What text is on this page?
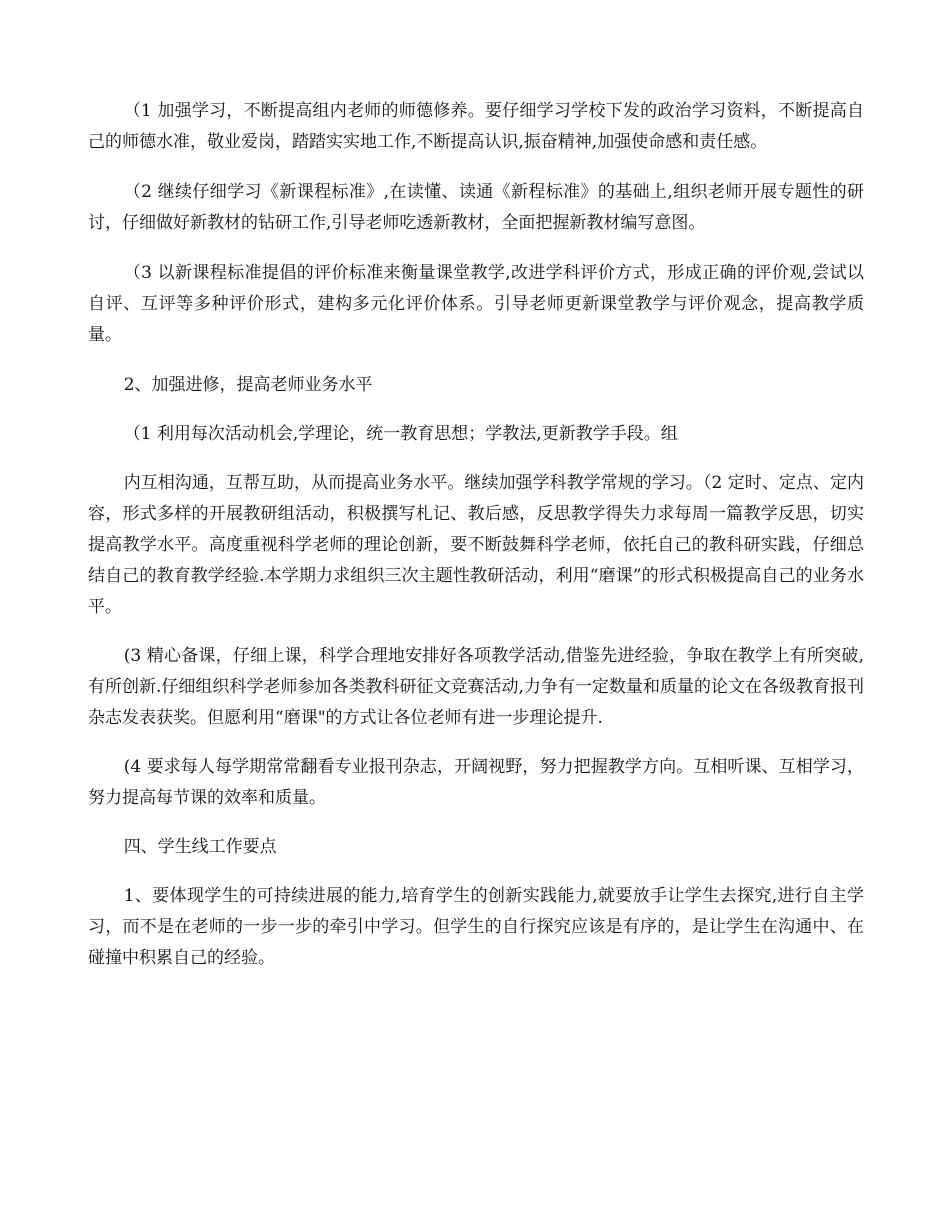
（1 加强学习，不断提高组内老师的师德修养。要仔细学习学校下发的政治学习资料，不断提高自己的师德水准，敬业爱岗，踏踏实实地工作,不断提高认识,振奋精神,加强使命感和责任感。

（2 继续仔细学习《新课程标准》,在读懂、读通《新程标准》的基础上,组织老师开展专题性的研讨，仔细做好新教材的钻研工作,引导老师吃透新教材，全面把握新教材编写意图。

（3 以新课程标准提倡的评价标准来衡量课堂教学,改进学科评价方式，形成正确的评价观,尝试以自评、互评等多种评价形式，建构多元化评价体系。引导老师更新课堂教学与评价观念，提高教学质量。

2、加强进修，提高老师业务水平

（1 利用每次活动机会,学理论，统一教育思想；学教法,更新教学手段。组

内互相沟通，互帮互助，从而提高业务水平。继续加强学科教学常规的学习。（2 定时、定点、定内容，形式多样的开展教研组活动，积极撰写札记、教后感，反思教学得失力求每周一篇教学反思，切实提高教学水平。高度重视科学老师的理论创新，要不断鼓舞科学老师，依托自己的教科研实践，仔细总结自己的教育教学经验.本学期力求组织三次主题性教研活动，利用“磨课”的形式积极提高自己的业务水平。

(3 精心备课，仔细上课，科学合理地安排好各项教学活动,借鉴先进经验，争取在教学上有所突破,有所创新.仔细组织科学老师参加各类教科研征文竞赛活动,力争有一定数量和质量的论文在各级教育报刊杂志发表获奖。但愿利用“磨课"的方式让各位老师有进一步理论提升.

(4 要求每人每学期常常翻看专业报刊杂志，开阔视野，努力把握教学方向。互相听课、互相学习，努力提高每节课的效率和质量。

四、学生线工作要点

1、要体现学生的可持续进展的能力,培育学生的创新实践能力,就要放手让学生去探究,进行自主学习，而不是在老师的一步一步的牵引中学习。但学生的自行探究应该是有序的，是让学生在沟通中、在碰撞中积累自己的经验。
